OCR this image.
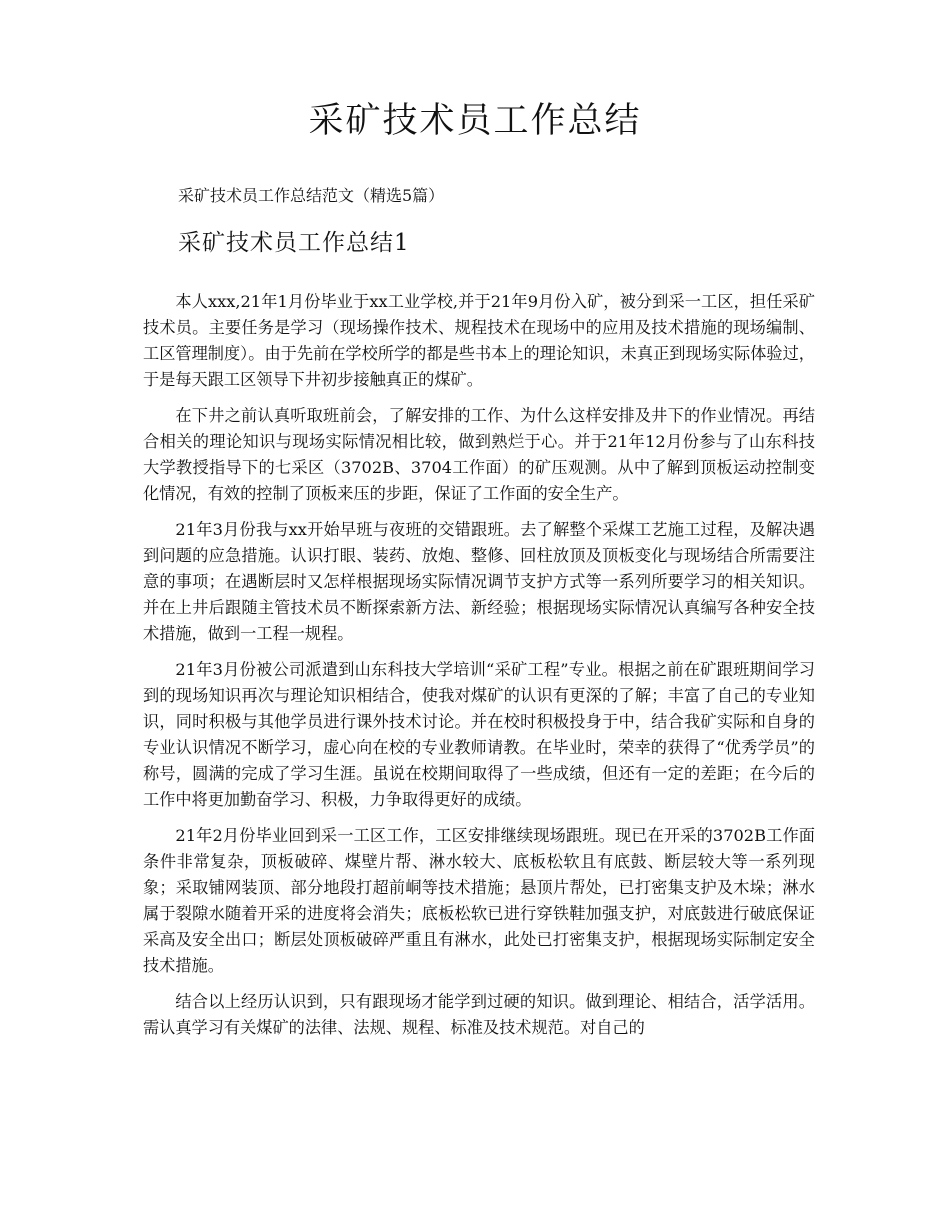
采矿技术员工作总结
采矿技术员工作总结范文（精选5篇）
采矿技术员工作总结1

本人xxx,21年1月份毕业于xx工业学校,并于21年9月份入矿，被分到采一工区，担任采矿技术员。主要任务是学习（现场操作技术、规程技术在现场中的应用及技术措施的现场编制、工区管理制度）。由于先前在学校所学的都是些书本上的理论知识，未真正到现场实际体验过，于是每天跟工区领导下井初步接触真正的煤矿。

在下井之前认真听取班前会，了解安排的工作、为什么这样安排及井下的作业情况。再结合相关的理论知识与现场实际情况相比较，做到熟烂于心。并于21年12月份参与了山东科技大学教授指导下的七采区（3702B、3704工作面）的矿压观测。从中了解到顶板运动控制变化情况，有效的控制了顶板来压的步距，保证了工作面的安全生产。

21年3月份我与xx开始早班与夜班的交错跟班。去了解整个采煤工艺施工过程，及解决遇到问题的应急措施。认识打眼、装药、放炮、整修、回柱放顶及顶板变化与现场结合所需要注意的事项；在遇断层时又怎样根据现场实际情况调节支护方式等一系列所要学习的相关知识。并在上井后跟随主管技术员不断探索新方法、新经验；根据现场实际情况认真编写各种安全技术措施，做到一工程一规程。

21年3月份被公司派遣到山东科技大学培训“采矿工程”专业。根据之前在矿跟班期间学习到的现场知识再次与理论知识相结合，使我对煤矿的认识有更深的了解；丰富了自己的专业知识，同时积极与其他学员进行课外技术讨论。并在校时积极投身于中，结合我矿实际和自身的专业认识情况不断学习，虚心向在校的专业教师请教。在毕业时，荣幸的获得了“优秀学员”的称号，圆满的完成了学习生涯。虽说在校期间取得了一些成绩，但还有一定的差距；在今后的工作中将更加勤奋学习、积极，力争取得更好的成绩。

21年2月份毕业回到采一工区工作，工区安排继续现场跟班。现已在开采的3702B工作面条件非常复杂，顶板破碎、煤壁片帮、淋水较大、底板松软且有底鼓、断层较大等一系列现象；采取铺网装顶、部分地段打超前峒等技术措施；悬顶片帮处，已打密集支护及木垛；淋水属于裂隙水随着开采的进度将会消失；底板松软已进行穿铁鞋加强支护，对底鼓进行破底保证采高及安全出口；断层处顶板破碎严重且有淋水，此处已打密集支护，根据现场实际制定安全技术措施。

结合以上经历认识到，只有跟现场才能学到过硬的知识。做到理论、相结合，活学活用。需认真学习有关煤矿的法律、法规、规程、标准及技术规范。对自己的
